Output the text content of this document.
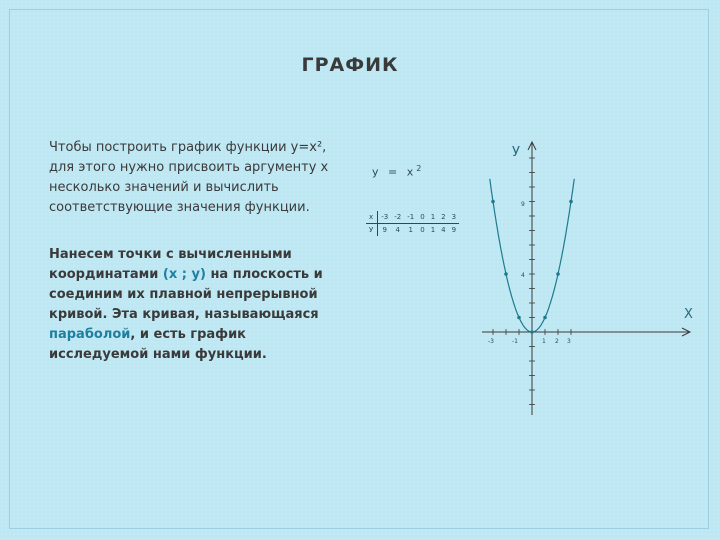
ГРАФИК
Чтобы построить график функции у=х², для этого нужно присвоить аргументу х несколько значений и вычислить соответствующие значения функции.
Нанесем точки с вычисленными координатами (х ; у) на плоскость и соединим их плавной непрерывной кривой. Эта кривая, называющаяся параболой, и есть график исследуемой нами функции.
$у = х^2$
x	-3	-2	-1	0	1	2	3
У	9	4	1	0	1	4	9
У
Х
-3	-1	1 2 3
9
4
